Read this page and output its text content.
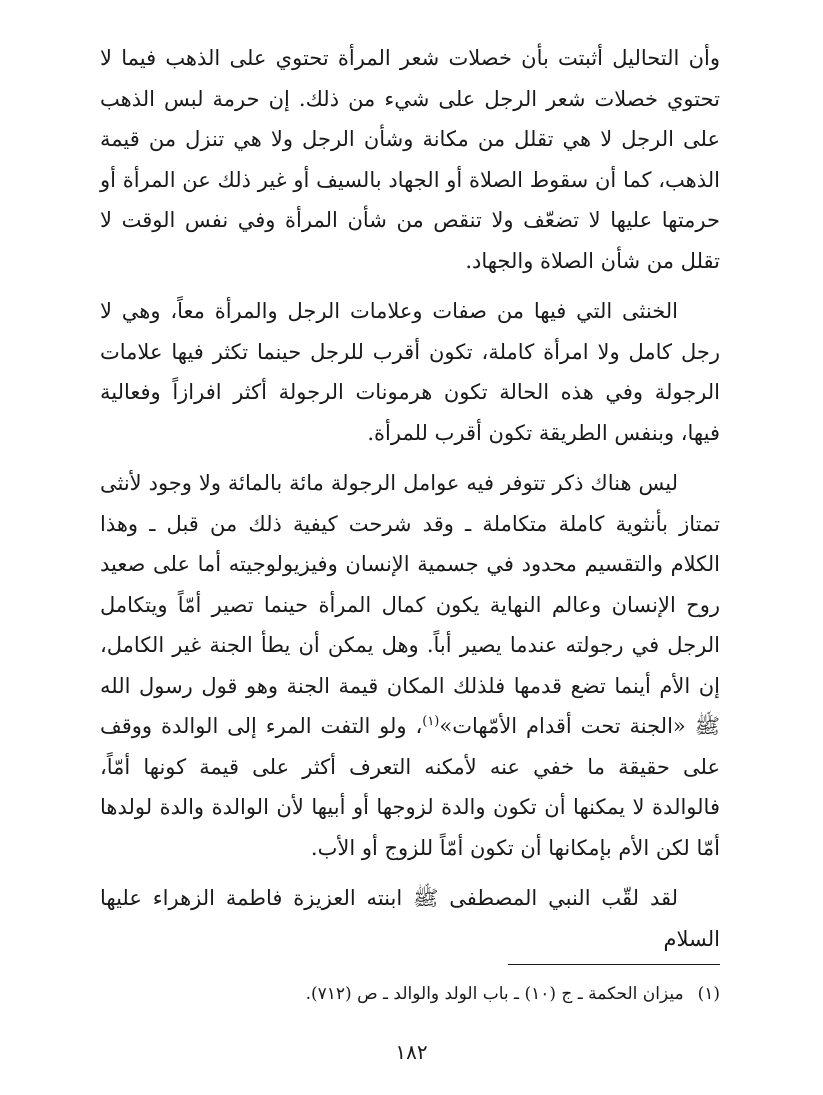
وأن التحاليل أثبتت بأن خصلات شعر المرأة تحتوي على الذهب فيما لا تحتوي خصلات شعر الرجل على شيء من ذلك. إن حرمة لبس الذهب على الرجل لا هي تقلل من مكانة وشأن الرجل ولا هي تنزل من قيمة الذهب، كما أن سقوط الصلاة أو الجهاد بالسيف أو غير ذلك عن المرأة أو حرمتها عليها لا تضعّف ولا تنقص من شأن المرأة وفي نفس الوقت لا تقلل من شأن الصلاة والجهاد.

الخنثى التي فيها من صفات وعلامات الرجل والمرأة معاً، وهي لا رجل كامل ولا امرأة كاملة، تكون أقرب للرجل حينما تكثر فيها علامات الرجولة وفي هذه الحالة تكون هرمونات الرجولة أكثر افرازاً وفعالية فيها، وبنفس الطريقة تكون أقرب للمرأة.

ليس هناك ذكر تتوفر فيه عوامل الرجولة مائة بالمائة ولا وجود لأنثى تمتاز بأنثوية كاملة متكاملة ـ وقد شرحت كيفية ذلك من قبل ـ وهذا الكلام والتقسيم محدود في جسمية الإنسان وفيزيولوجيته أما على صعيد روح الإنسان وعالم النهاية يكون كمال المرأة حينما تصير أمّاً ويتكامل الرجل في رجولته عندما يصير أباً. وهل يمكن أن يطأ الجنة غير الكامل، إن الأم أينما تضع قدمها فلذلك المكان قيمة الجنة وهو قول رسول الله ﷺ «الجنة تحت أقدام الأمّهات»$^{(١)}$، ولو التفت المرء إلى الوالدة ووقف على حقيقة ما خفي عنه لأمكنه التعرف أكثر على قيمة كونها أمّاً، فالوالدة لا يمكنها أن تكون والدة لزوجها أو أبيها لأن الوالدة والدة لولدها أمّا لكن الأم بإمكانها أن تكون أمّاً للزوج أو الأب.

لقد لقّب النبي المصطفى ﷺ ابنته العزيزة فاطمة الزهراء عليها السلام

(١)ميزان الحكمة ـ ج (١٠) ـ باب الولد والوالد ـ ص (٧١٢).
١٨٢
